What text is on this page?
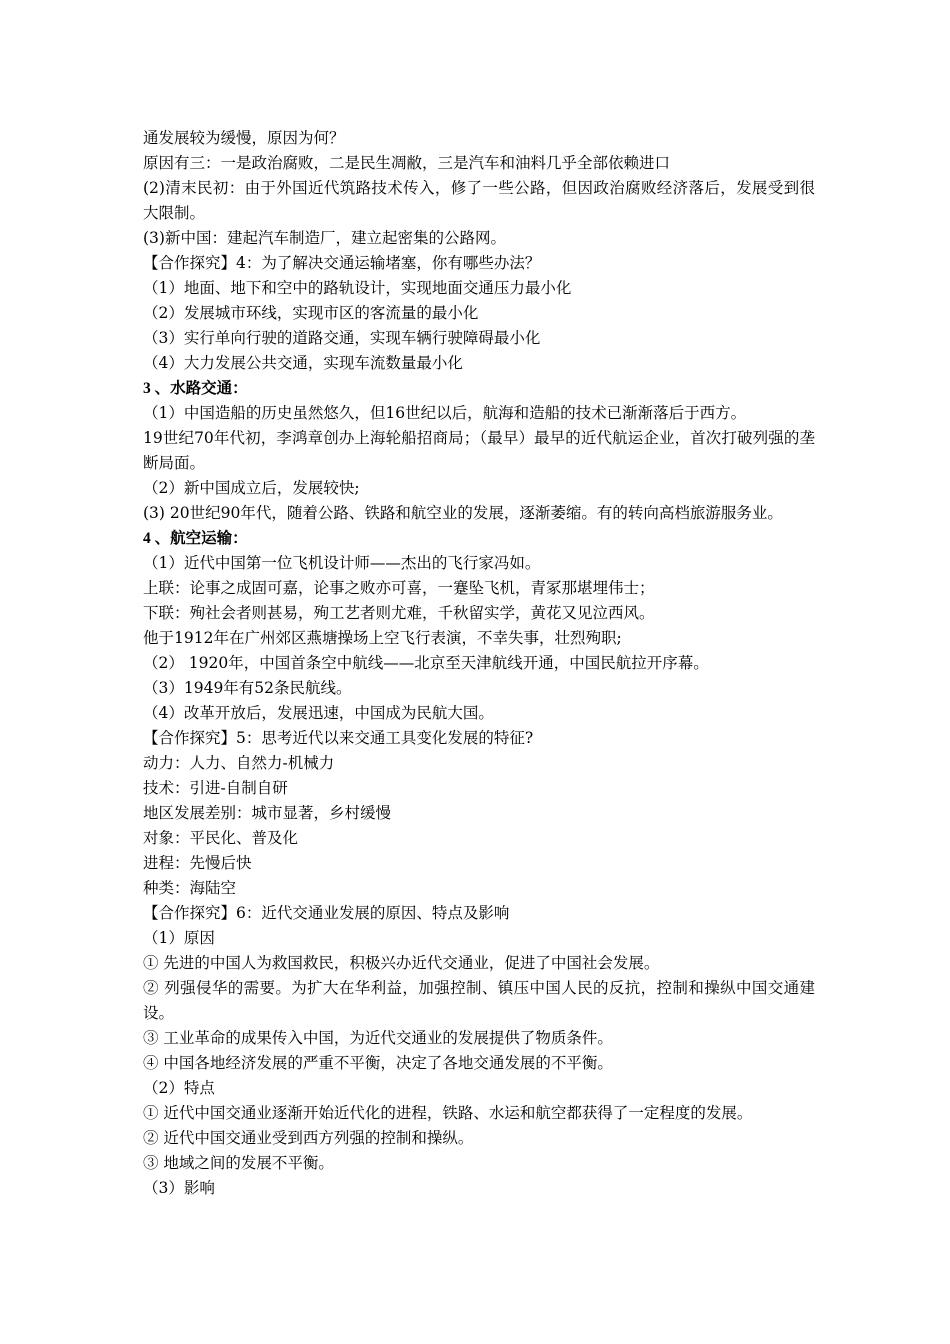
通发展较为缓慢，原因为何？
原因有三：一是政治腐败，二是民生凋敝，三是汽车和油料几乎全部依赖进口
(2)清末民初：由于外国近代筑路技术传入，修了一些公路，但因政治腐败经济落后，发展受到很大限制。
(3)新中国：建起汽车制造厂，建立起密集的公路网。
【合作探究】4：为了解决交通运输堵塞，你有哪些办法？
（1）地面、地下和空中的路轨设计，实现地面交通压力最小化
（2）发展城市环线，实现市区的客流量的最小化
（3）实行单向行驶的道路交通，实现车辆行驶障碍最小化
（4）大力发展公共交通，实现车流数量最小化
3 、水路交通：
（1）中国造船的历史虽然悠久，但16世纪以后，航海和造船的技术已渐渐落后于西方。
19世纪70年代初，李鸿章创办上海轮船招商局；（最早）最早的近代航运企业，首次打破列强的垄断局面。
（2）新中国成立后，发展较快;
(3) 20世纪90年代，随着公路、铁路和航空业的发展，逐渐萎缩。有的转向高档旅游服务业。
4 、航空运输：
（1）近代中国第一位飞机设计师——杰出的飞行家冯如。
上联：论事之成固可嘉，论事之败亦可喜，一蹇坠飞机，青冢那堪埋伟士；
下联：殉社会者则甚易，殉工艺者则尤难，千秋留实学，黄花又见泣西风。
他于1912年在广州郊区燕塘操场上空飞行表演，不幸失事，壮烈殉职;
（2） 1920年，中国首条空中航线——北京至天津航线开通，中国民航拉开序幕。
（3）1949年有52条民航线。
（4）改革开放后，发展迅速，中国成为民航大国。
【合作探究】5：思考近代以来交通工具变化发展的特征?
动力：人力、自然力-机械力
技术：引进-自制自研
地区发展差别：城市显著，乡村缓慢
对象：平民化、普及化
进程：先慢后快
种类：海陆空
【合作探究】6：近代交通业发展的原因、特点及影响
（1）原因
① 先进的中国人为救国救民，积极兴办近代交通业，促进了中国社会发展。
② 列强侵华的需要。为扩大在华利益，加强控制、镇压中国人民的反抗，控制和操纵中国交通建设。
③ 工业革命的成果传入中国，为近代交通业的发展提供了物质条件。
④ 中国各地经济发展的严重不平衡，决定了各地交通发展的不平衡。
（2）特点
① 近代中国交通业逐渐开始近代化的进程，铁路、水运和航空都获得了一定程度的发展。
② 近代中国交通业受到西方列强的控制和操纵。
③ 地域之间的发展不平衡。
（3）影响
